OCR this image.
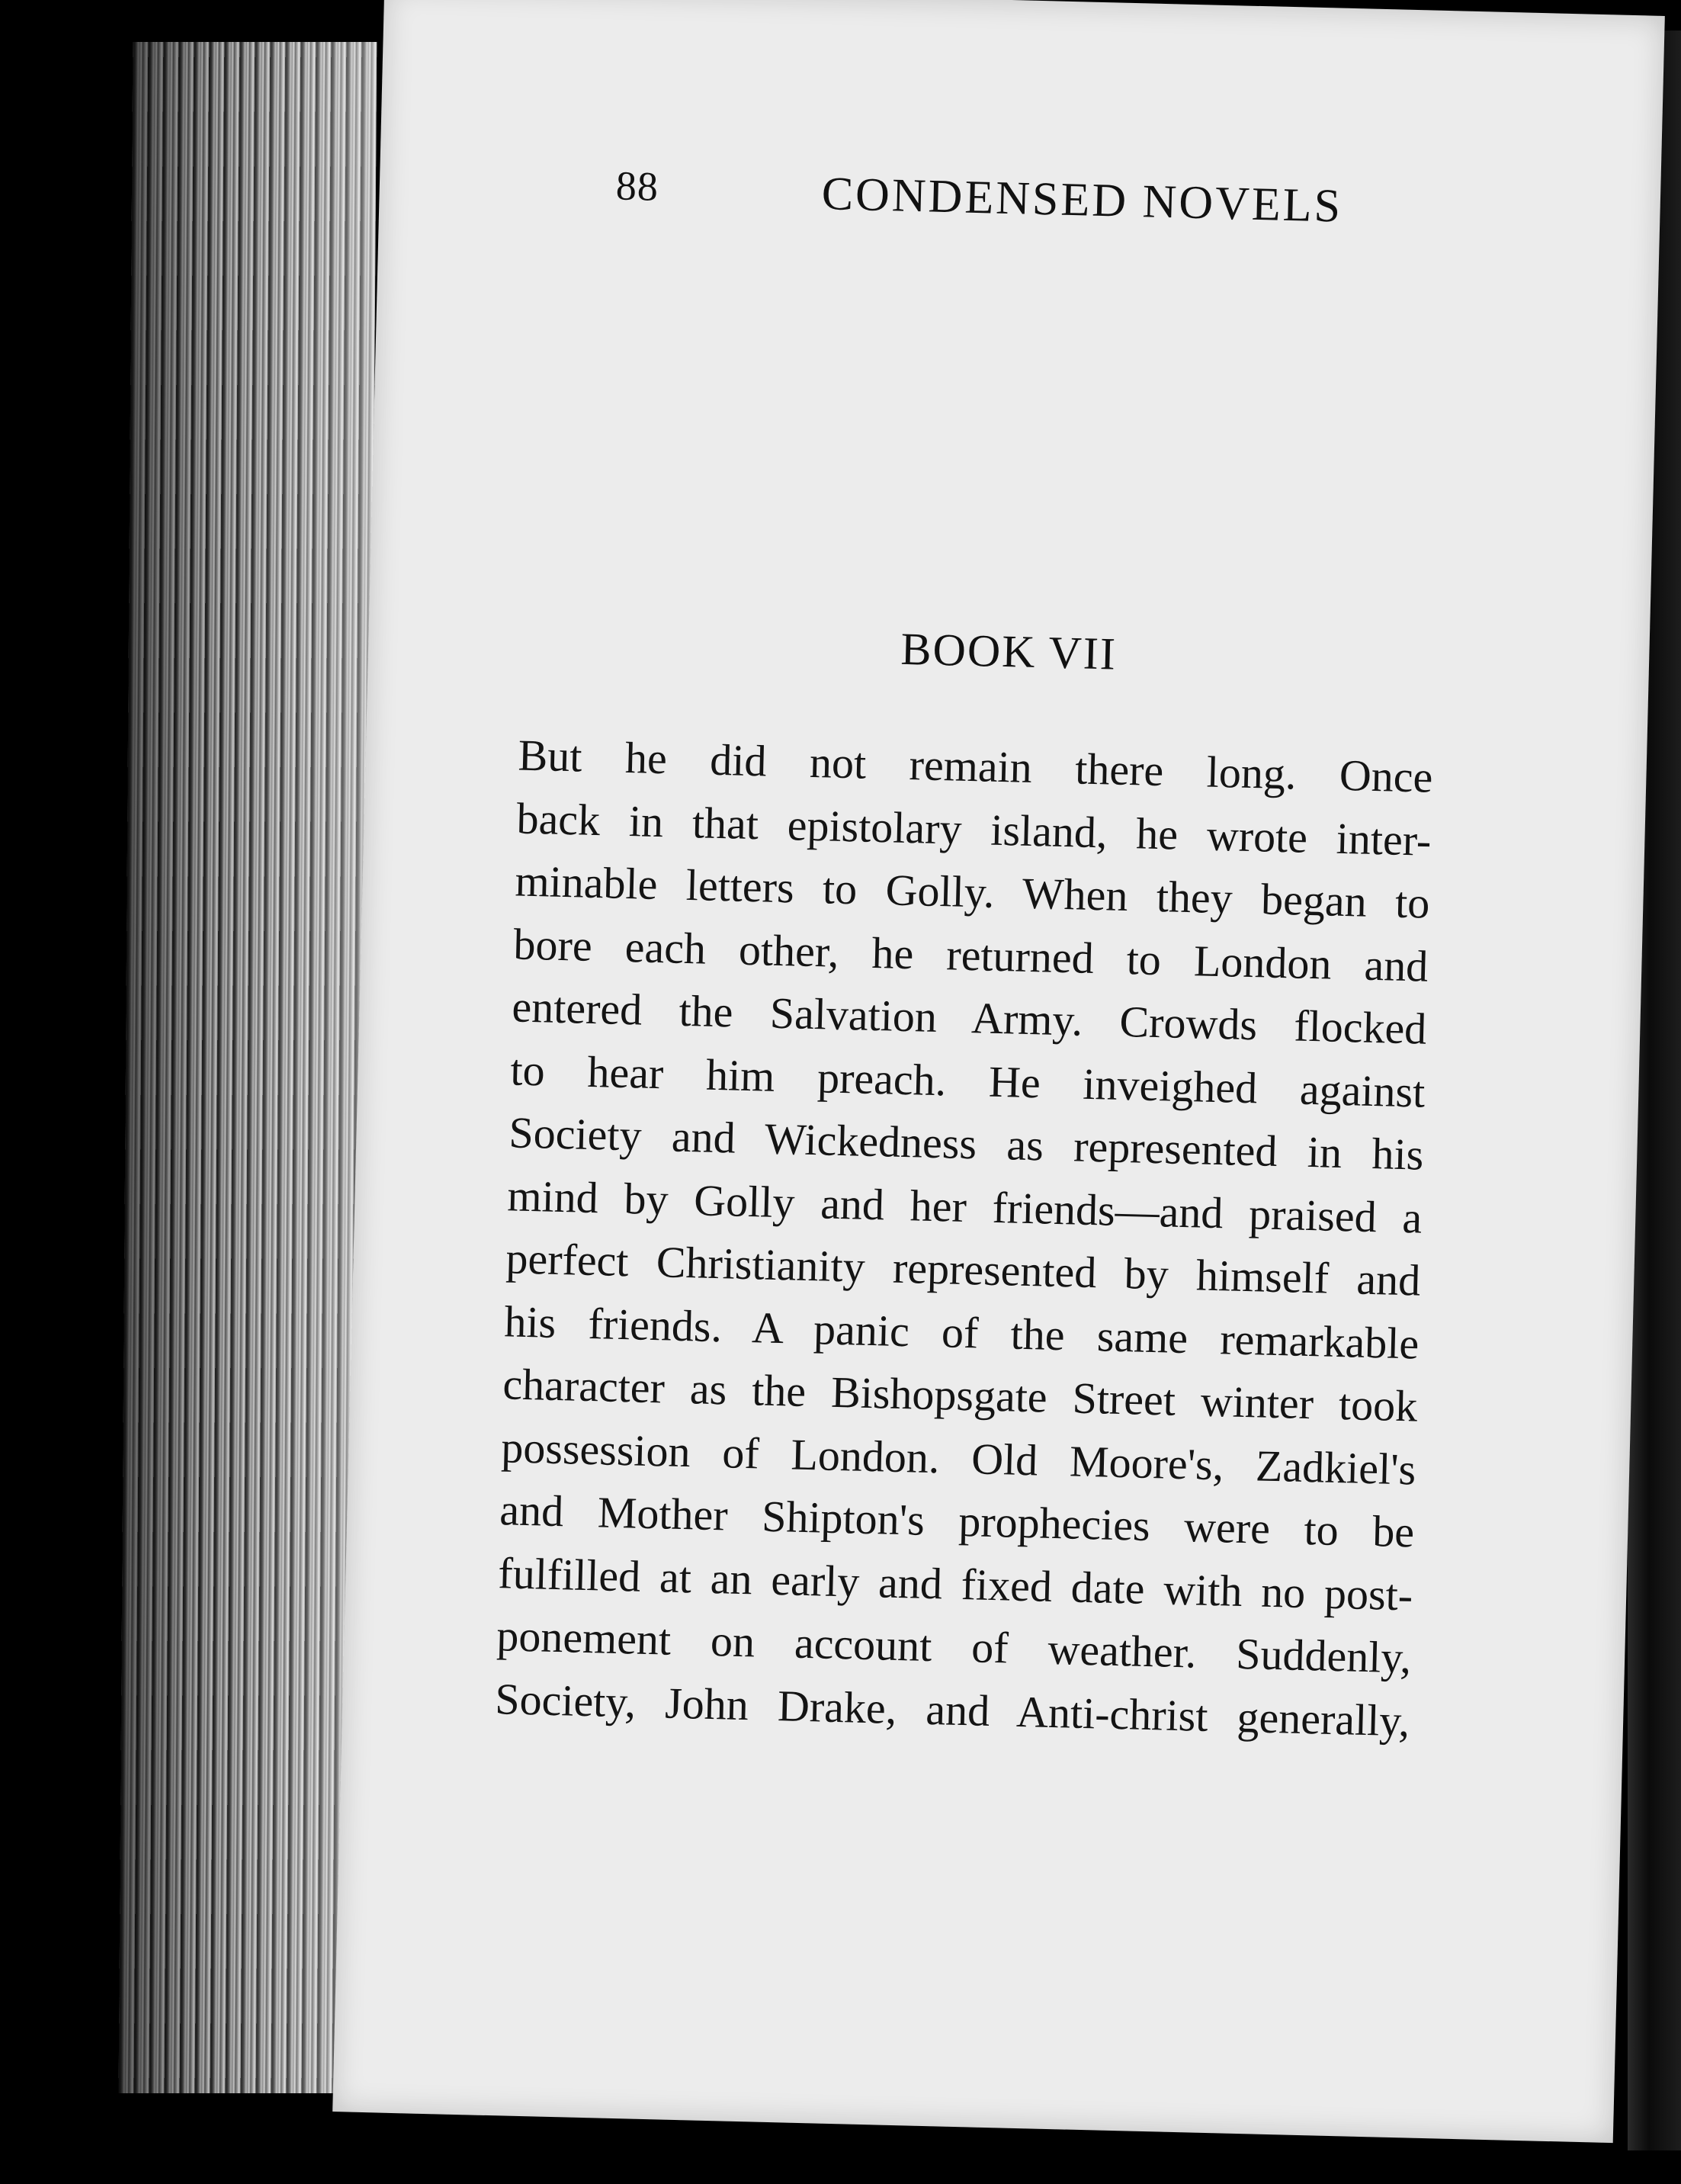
88	CONDENSED NOVELS
BOOK VII
But he did not remain there long. Once
back in that epistolary island, he wrote inter-
minable letters to Golly. When they began to
bore each other, he returned to London and
entered the Salvation Army. Crowds flocked
to hear him preach. He inveighed against
Society and Wickedness as represented in his
mind by Golly and her friends—and praised a
perfect Christianity represented by himself and
his friends. A panic of the same remarkable
character as the Bishopsgate Street winter took
possession of London. Old Moore's, Zadkiel's
and Mother Shipton's prophecies were to be
fulfilled at an early and fixed date with no post-
ponement on account of weather. Suddenly,
Society, John Drake, and Anti-christ generally,
